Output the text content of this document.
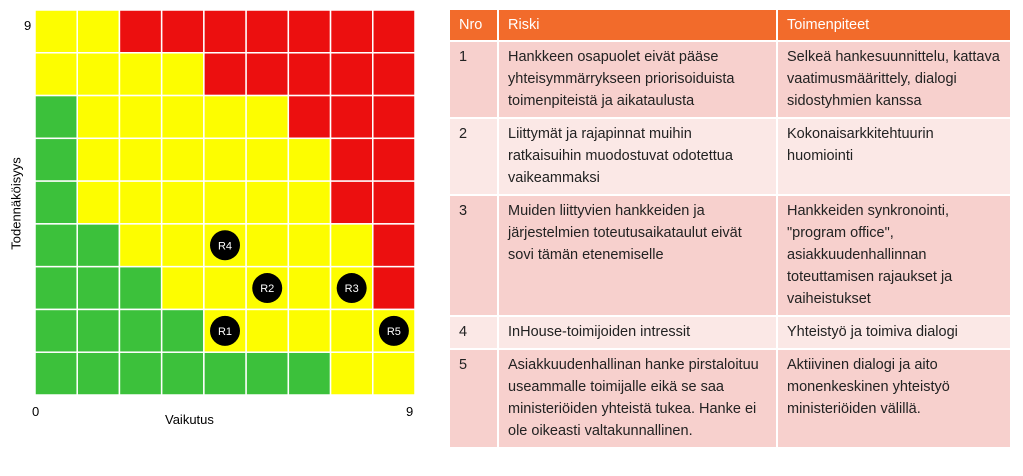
R4
R2	R3
R1	R5
9
0	9
Vaikutus
Todennäköisyys
Nro	Riski	Toimenpiteet
1	Hankkeen osapuolet eivät pääse yhteisymmärrykseen priorisoiduista toimenpiteistä ja aikataulusta	Selkeä hankesuunnittelu, kattava vaatimusmäärittely, dialogi sidostyhmien kanssa
2	Liittymät ja rajapinnat muihin ratkaisuihin muodostuvat odotettua vaikeammaksi	Kokonaisarkkitehtuurin huomiointi
3	Muiden liittyvien hankkeiden ja järjestelmien toteutusaikataulut eivät sovi tämän etenemiselle	Hankkeiden synkronointi, "program office", asiakkuudenhallinnan toteuttamisen rajaukset ja vaiheistukset
4	InHouse-toimijoiden intressit	Yhteistyö ja toimiva dialogi
5	Asiakkuudenhallinan hanke pirstaloituu useammalle toimijalle eikä se saa ministeriöiden yhteistä tukea. Hanke ei ole oikeasti valtakunnallinen.	Aktiivinen dialogi ja aito monenkeskinen yhteistyö ministeriöiden välillä.
